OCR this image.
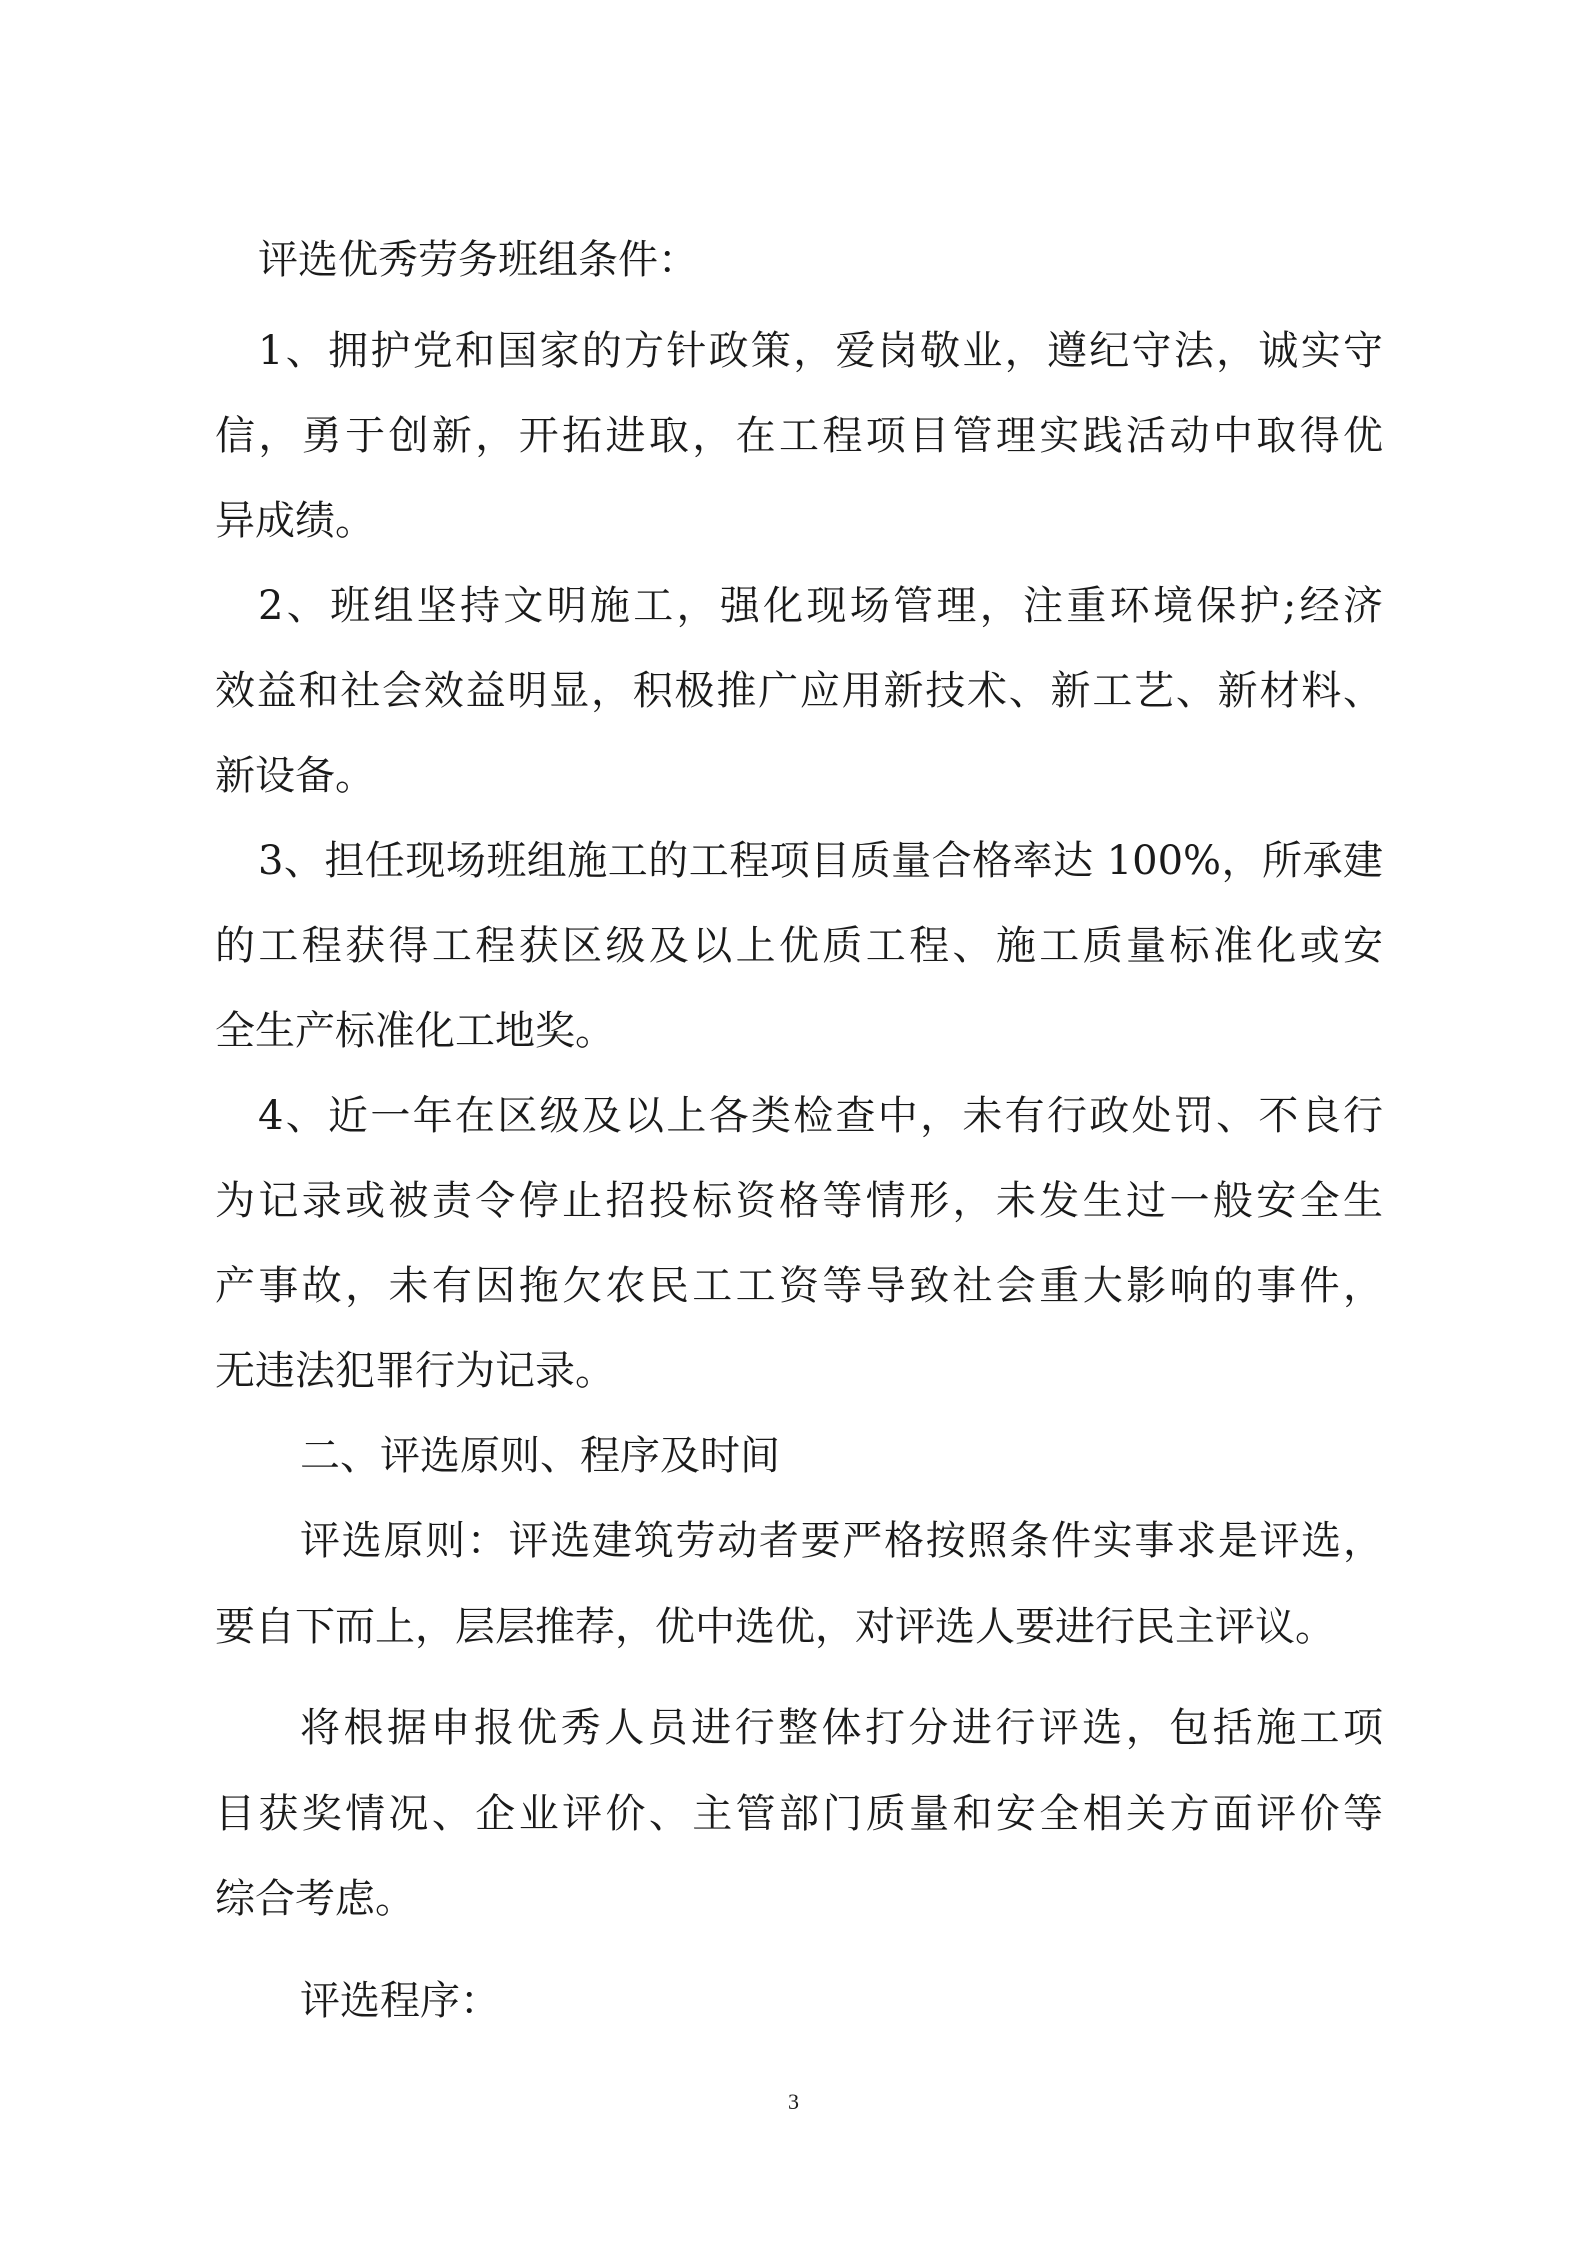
评选优秀劳务班组条件：
1、拥护党和国家的方针政策，爱岗敬业，遵纪守法，诚实守
信，勇于创新，开拓进取，在工程项目管理实践活动中取得优
异成绩。
2、班组坚持文明施工，强化现场管理，注重环境保护;经济
效益和社会效益明显，积极推广应用新技术、新工艺、新材料、
新设备。
3、担任现场班组施工的工程项目质量合格率达 100%，所承建
的工程获得工程获区级及以上优质工程、施工质量标准化或安
全生产标准化工地奖。
4、近一年在区级及以上各类检查中，未有行政处罚、不良行
为记录或被责令停止招投标资格等情形，未发生过一般安全生
产事故，未有因拖欠农民工工资等导致社会重大影响的事件，
无违法犯罪行为记录。
二、评选原则、程序及时间
评选原则：评选建筑劳动者要严格按照条件实事求是评选，
要自下而上，层层推荐，优中选优，对评选人要进行民主评议。
将根据申报优秀人员进行整体打分进行评选，包括施工项
目获奖情况、企业评价、主管部门质量和安全相关方面评价等
综合考虑。
评选程序：
3
